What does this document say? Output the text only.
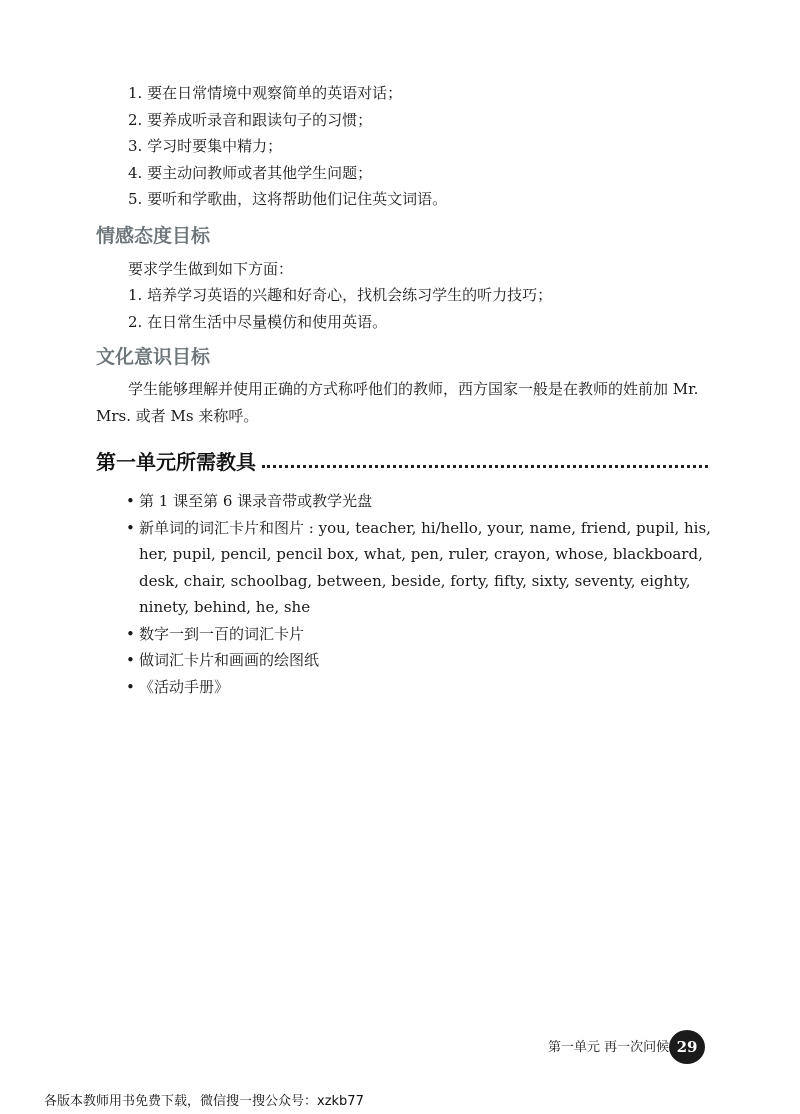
1. 要在日常情境中观察简单的英语对话；
2. 要养成听录音和跟读句子的习惯；
3. 学习时要集中精力；
4. 要主动问教师或者其他学生问题；
5. 要听和学歌曲，这将帮助他们记住英文词语。
情感态度目标

要求学生做到如下方面：

1. 培养学习英语的兴趣和好奇心，找机会练习学生的听力技巧；
2. 在日常生活中尽量模仿和使用英语。
文化意识目标

学生能够理解并使用正确的方式称呼他们的教师，西方国家一般是在教师的姓前加 Mr. Mrs. 或者 Ms 来称呼。

第一单元所需教具
• 第 1 课至第 6 课录音带或教学光盘
• 新单词的词汇卡片和图片 : you, teacher, hi/hello, your, name, friend, pupil, his, her, pupil, pencil, pencil box, what, pen, ruler, crayon, whose, blackboard, desk, chair, schoolbag, between, beside, forty, fifty, sixty, seventy, eighty, ninety, behind, he, she
• 数字一到一百的词汇卡片
• 做词汇卡片和画画的绘图纸
• 《活动手册》
第一单元 再一次问候 29
各版本教师用书免费下载，微信搜一搜公众号：xzkb77
